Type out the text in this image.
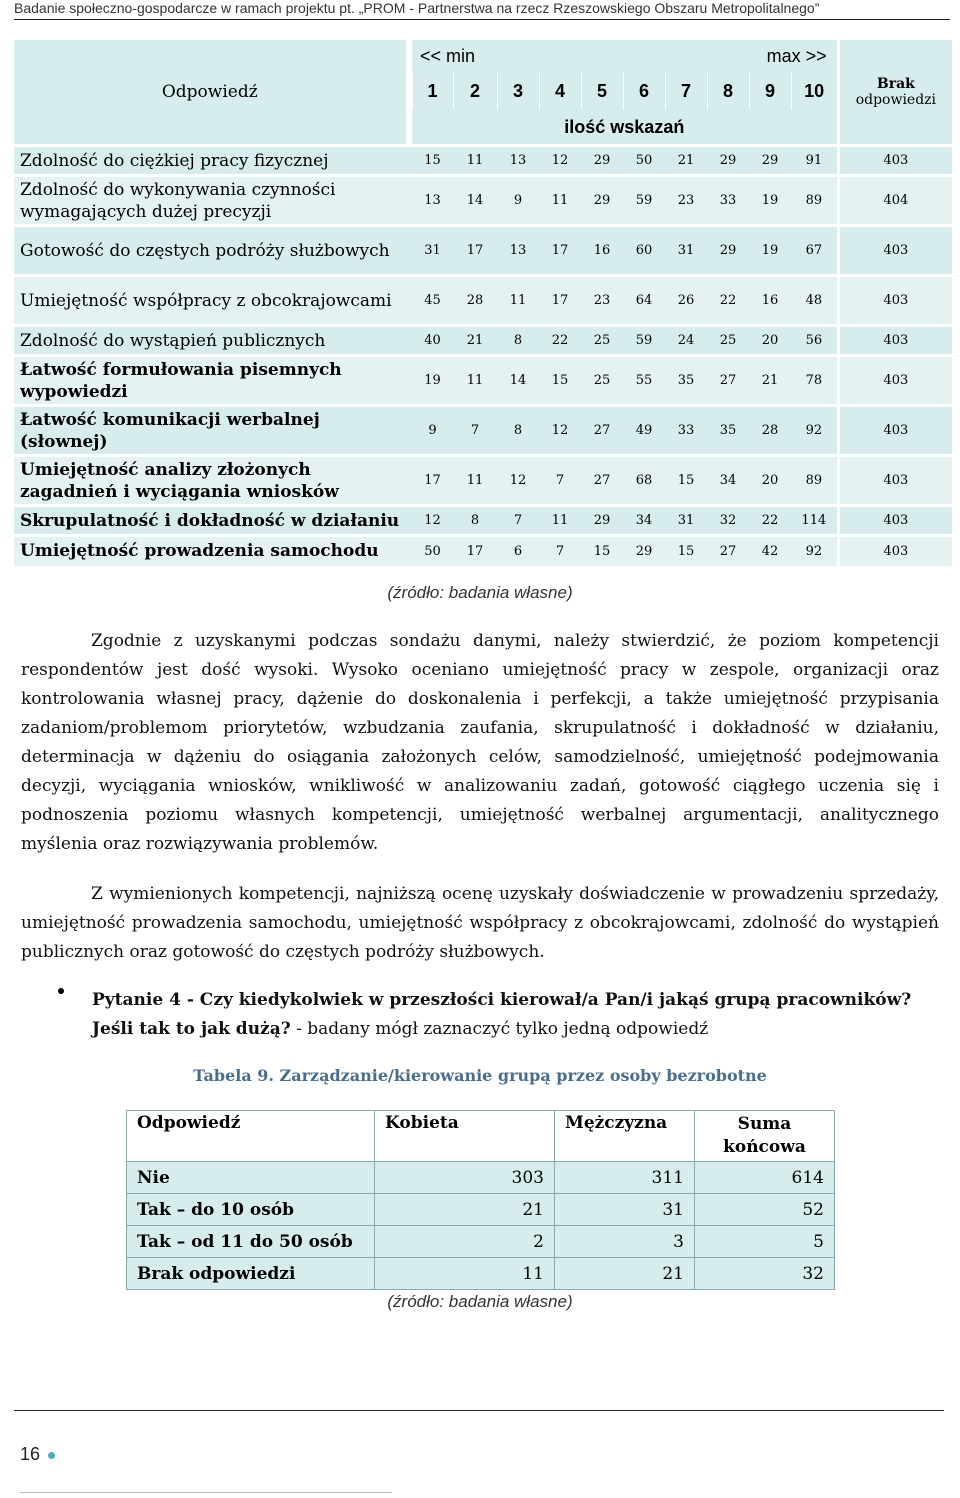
Badanie społeczno-gospodarcze w ramach projektu pt. „PROM - Partnerstwa na rzecz Rzeszowskiego Obszaru Metropolitalnego”
Odpowiedź	<< min					max >>					Brak
odpowiedzi

	1	2	3	4	5	6	7	8	9	10	
	ilość wskazań										
Zdolność do ciężkiej pracy fizycznej	15	11	13	12	29	50	21	29	29	91	403
Zdolność do wykonywania czynności wymagających dużej precyzji	13	14	9	11	29	59	23	33	19	89	404
Gotowość do częstych podróży służbowych	31	17	13	17	16	60	31	29	19	67	403
Umiejętność współpracy z obcokrajowcami	45	28	11	17	23	64	26	22	16	48	403
Zdolność do wystąpień publicznych	40	21	8	22	25	59	24	25	20	56	403
Łatwość formułowania pisemnych wypowiedzi	19	11	14	15	25	55	35	27	21	78	403
Łatwość komunikacji werbalnej (słownej)	9	7	8	12	27	49	33	35	28	92	403
Umiejętność analizy złożonych zagadnień i wyciągania wniosków	17	11	12	7	27	68	15	34	20	89	403
Skrupulatność i dokładność w działaniu	12	8	7	11	29	34	31	32	22	114	403
Umiejętność prowadzenia samochodu	50	17	6	7	15	29	15	27	42	92	403
(źródło: badania własne)
Zgodnie z uzyskanymi podczas sondażu danymi, należy stwierdzić, że poziom kompetencji respondentów jest dość wysoki. Wysoko oceniano umiejętność pracy w zespole, organizacji oraz kontrolowania własnej pracy, dążenie do doskonalenia i perfekcji, a także umiejętność przypisania zadaniom/problemom priorytetów, wzbudzania zaufania, skrupulatność i dokładność w działaniu, determinacja w dążeniu do osiągania założonych celów, samodzielność, umiejętność podejmowania decyzji, wyciągania wniosków, wnikliwość w analizowaniu zadań, gotowość ciągłego uczenia się i podnoszenia poziomu własnych kompetencji, umiejętność werbalnej argumentacji, analitycznego myślenia oraz rozwiązywania problemów.
Z wymienionych kompetencji, najniższą ocenę uzyskały doświadczenie w prowadzeniu sprzedaży, umiejętność prowadzenia samochodu, umiejętność współpracy z obcokrajowcami, zdolność do wystąpień publicznych oraz gotowość do częstych podróży służbowych.
Pytanie 4 - Czy kiedykolwiek w przeszłości kierował/a Pan/i jakąś grupą pracowników? Jeśli tak to jak dużą? - badany mógł zaznaczyć tylko jedną odpowiedź
Tabela 9. Zarządzanie/kierowanie grupą przez osoby bezrobotne
Odpowiedź	Kobieta	Mężczyzna	Suma
końcowa

Nie	303	311	614
Tak – do 10 osób	21	31	52
Tak – od 11 do 50 osób	2	3	5
Brak odpowiedzi	11	21	32
(źródło: badania własne)
16
